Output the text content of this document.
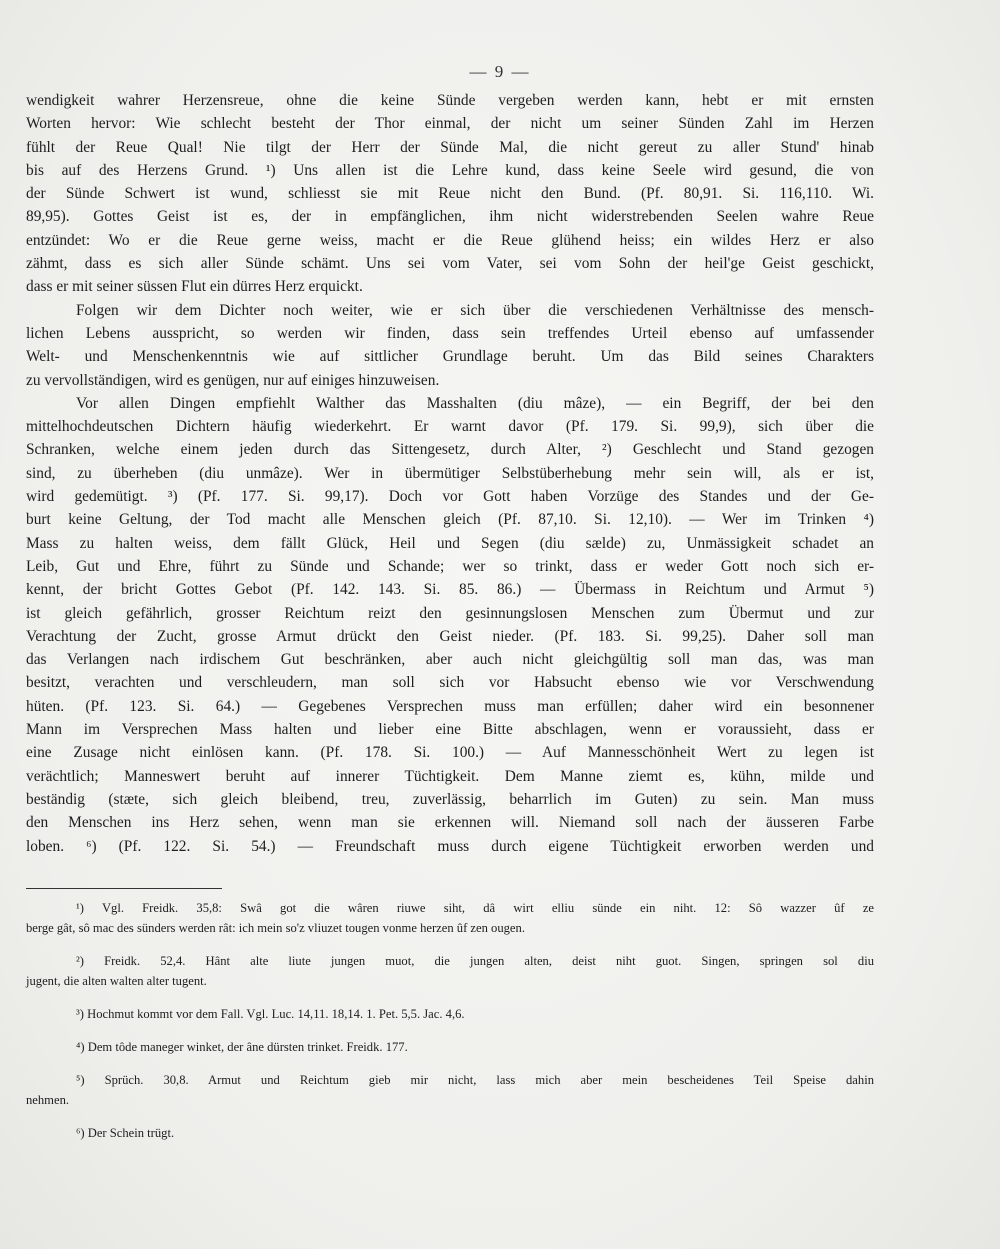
— 9 —
wendigkeit wahrer Herzensreue, ohne die keine Sünde vergeben werden kann, hebt er mit ernsten
Worten hervor: Wie schlecht besteht der Thor einmal, der nicht um seiner Sünden Zahl im Herzen
fühlt der Reue Qual! Nie tilgt der Herr der Sünde Mal, die nicht gereut zu aller Stund' hinab
bis auf des Herzens Grund. ¹) Uns allen ist die Lehre kund, dass keine Seele wird gesund, die von
der Sünde Schwert ist wund, schliesst sie mit Reue nicht den Bund. (Pf. 80,91. Si. 116,110. Wi.
89,95). Gottes Geist ist es, der in empfänglichen, ihm nicht widerstrebenden Seelen wahre Reue
entzündet: Wo er die Reue gerne weiss, macht er die Reue glühend heiss; ein wildes Herz er also
zähmt, dass es sich aller Sünde schämt. Uns sei vom Vater, sei vom Sohn der heil'ge Geist geschickt,
dass er mit seiner süssen Flut ein dürres Herz erquickt.
Folgen wir dem Dichter noch weiter, wie er sich über die verschiedenen Verhältnisse des mensch-
lichen Lebens ausspricht, so werden wir finden, dass sein treffendes Urteil ebenso auf umfassender
Welt- und Menschenkenntnis wie auf sittlicher Grundlage beruht. Um das Bild seines Charakters
zu vervollständigen, wird es genügen, nur auf einiges hinzuweisen.
Vor allen Dingen empfiehlt Walther das Masshalten (diu mâze), — ein Begriff, der bei den
mittelhochdeutschen Dichtern häufig wiederkehrt. Er warnt davor (Pf. 179. Si. 99,9), sich über die
Schranken, welche einem jeden durch das Sittengesetz, durch Alter, ²) Geschlecht und Stand gezogen
sind, zu überheben (diu unmâze). Wer in übermütiger Selbstüberhebung mehr sein will, als er ist,
wird gedemütigt. ³) (Pf. 177. Si. 99,17). Doch vor Gott haben Vorzüge des Standes und der Ge-
burt keine Geltung, der Tod macht alle Menschen gleich (Pf. 87,10. Si. 12,10). — Wer im Trinken ⁴)
Mass zu halten weiss, dem fällt Glück, Heil und Segen (diu sælde) zu, Unmässigkeit schadet an
Leib, Gut und Ehre, führt zu Sünde und Schande; wer so trinkt, dass er weder Gott noch sich er-
kennt, der bricht Gottes Gebot (Pf. 142. 143. Si. 85. 86.) — Übermass in Reichtum und Armut ⁵)
ist gleich gefährlich, grosser Reichtum reizt den gesinnungslosen Menschen zum Übermut und zur
Verachtung der Zucht, grosse Armut drückt den Geist nieder. (Pf. 183. Si. 99,25). Daher soll man
das Verlangen nach irdischem Gut beschränken, aber auch nicht gleichgültig soll man das, was man
besitzt, verachten und verschleudern, man soll sich vor Habsucht ebenso wie vor Verschwendung
hüten. (Pf. 123. Si. 64.) — Gegebenes Versprechen muss man erfüllen; daher wird ein besonnener
Mann im Versprechen Mass halten und lieber eine Bitte abschlagen, wenn er voraussieht, dass er
eine Zusage nicht einlösen kann. (Pf. 178. Si. 100.) — Auf Mannesschönheit Wert zu legen ist
verächtlich; Manneswert beruht auf innerer Tüchtigkeit. Dem Manne ziemt es, kühn, milde und
beständig (stæte, sich gleich bleibend, treu, zuverlässig, beharrlich im Guten) zu sein. Man muss
den Menschen ins Herz sehen, wenn man sie erkennen will. Niemand soll nach der äusseren Farbe
loben. ⁶) (Pf. 122. Si. 54.) — Freundschaft muss durch eigene Tüchtigkeit erworben werden und
¹) Vgl. Freidk. 35,8: Swâ got die wâren riuwe siht, dâ wirt elliu sünde ein niht. 12: Sô wazzer ûf ze
berge gât, sô mac des sünders werden rât: ich mein so'z vliuzet tougen vonme herzen ûf zen ougen.
²) Freidk. 52,4. Hânt alte liute jungen muot, die jungen alten, deist niht guot. Singen, springen sol diu
jugent, die alten walten alter tugent.
³) Hochmut kommt vor dem Fall. Vgl. Luc. 14,11. 18,14. 1. Pet. 5,5. Jac. 4,6.
⁴) Dem tôde maneger winket, der âne dürsten trinket. Freidk. 177.
⁵) Sprüch. 30,8. Armut und Reichtum gieb mir nicht, lass mich aber mein bescheidenes Teil Speise dahin
nehmen.
⁶) Der Schein trügt.
